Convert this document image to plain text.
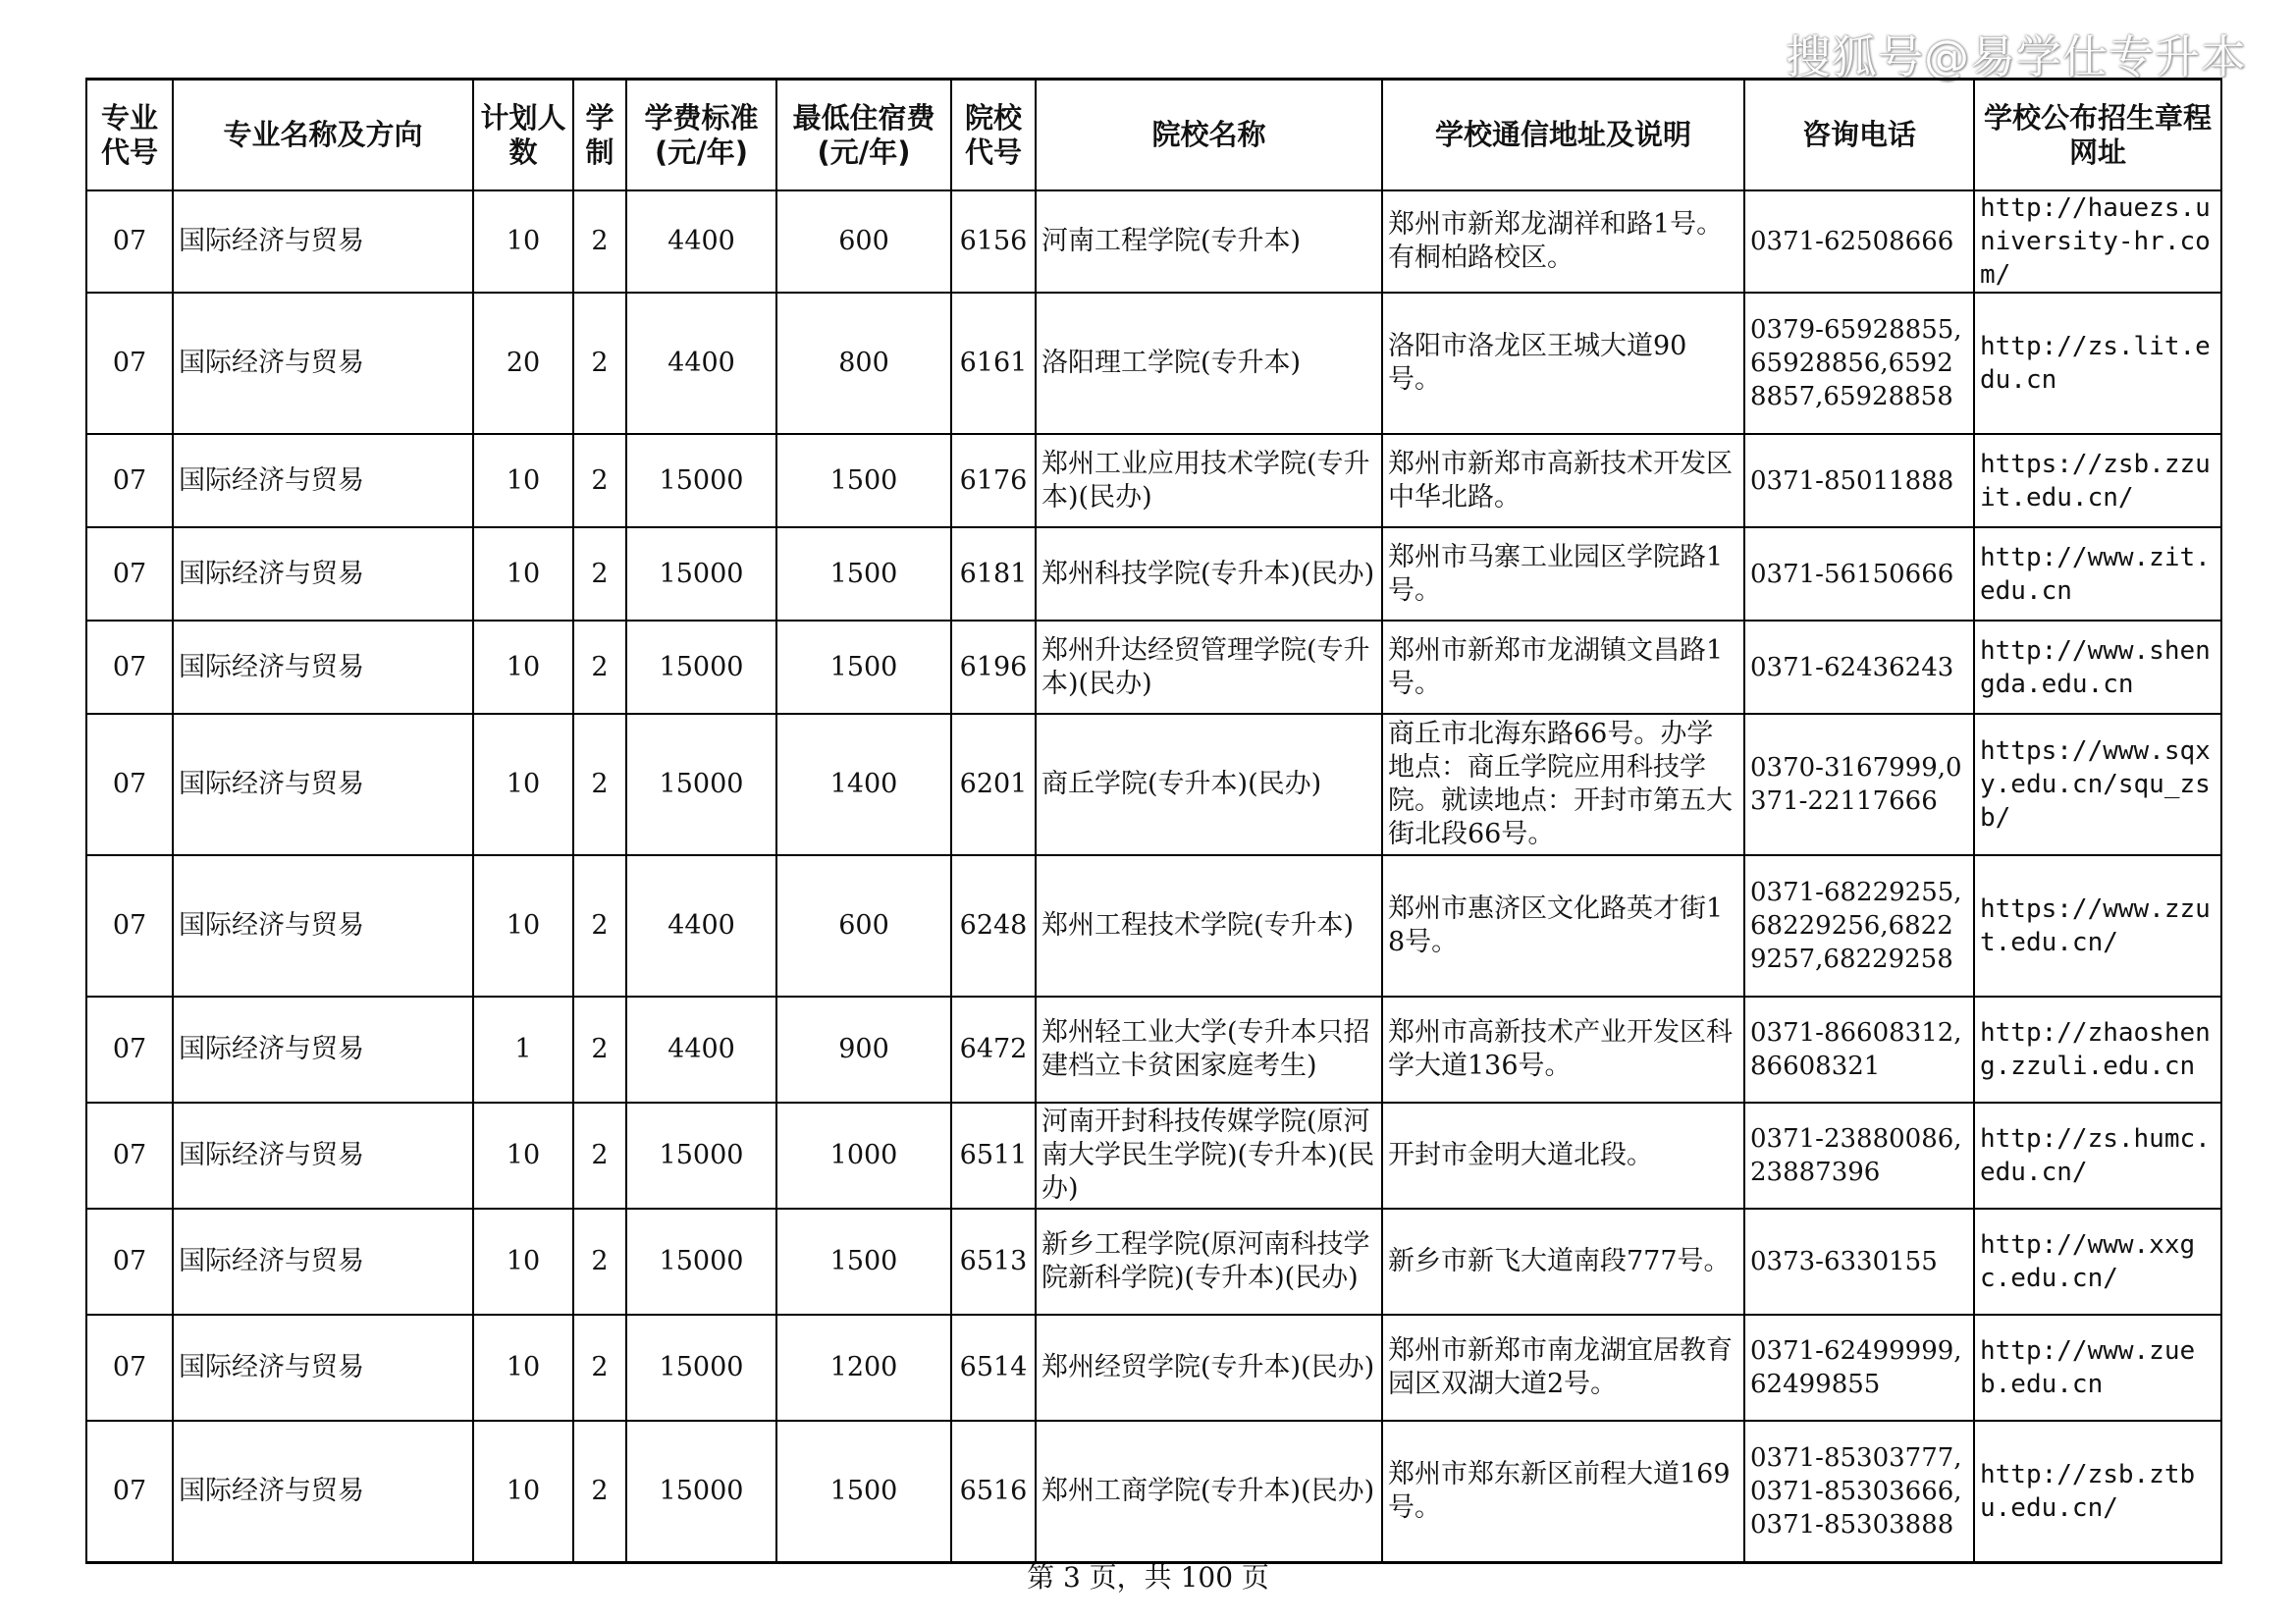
搜狐号@易学仕专升本
专业代号	专业名称及方向	计划人数	学制	学费标准(元/年)	最低住宿费(元/年)	院校代号	院校名称	学校通信地址及说明	咨询电话	学校公布招生章程网址
07	国际经济与贸易	10	2	4400	600	6156	河南工程学院(专升本)	郑州市新郑龙湖祥和路1号。有桐柏路校区。	0371-62508666	http://hauezs.university-hr.com/
07	国际经济与贸易	20	2	4400	800	6161	洛阳理工学院(专升本)	洛阳市洛龙区王城大道90号。	0379-65928855,65928856,65928857,65928858	http://zs.lit.edu.cn
07	国际经济与贸易	10	2	15000	1500	6176	郑州工业应用技术学院(专升本)(民办)	郑州市新郑市高新技术开发区中华北路。	0371-85011888	https://zsb.zzuit.edu.cn/
07	国际经济与贸易	10	2	15000	1500	6181	郑州科技学院(专升本)(民办)	郑州市马寨工业园区学院路1号。	0371-56150666	http://www.zit.edu.cn
07	国际经济与贸易	10	2	15000	1500	6196	郑州升达经贸管理学院(专升本)(民办)	郑州市新郑市龙湖镇文昌路1号。	0371-62436243	http://www.shengda.edu.cn
07	国际经济与贸易	10	2	15000	1400	6201	商丘学院(专升本)(民办)	商丘市北海东路66号。办学地点：商丘学院应用科技学院。就读地点：开封市第五大街北段66号。	0370-3167999,0371-22117666	https://www.sqxy.edu.cn/squ_zsb/
07	国际经济与贸易	10	2	4400	600	6248	郑州工程技术学院(专升本)	郑州市惠济区文化路英才街18号。	0371-68229255,68229256,68229257,68229258	https://www.zzut.edu.cn/
07	国际经济与贸易	1	2	4400	900	6472	郑州轻工业大学(专升本只招建档立卡贫困家庭考生)	郑州市高新技术产业开发区科学大道136号。	0371-86608312,86608321	http://zhaosheng.zzuli.edu.cn
07	国际经济与贸易	10	2	15000	1000	6511	河南开封科技传媒学院(原河南大学民生学院)(专升本)(民办)	开封市金明大道北段。	0371-23880086,23887396	http://zs.humc.edu.cn/
07	国际经济与贸易	10	2	15000	1500	6513	新乡工程学院(原河南科技学院新科学院)(专升本)(民办)	新乡市新飞大道南段777号。	0373-6330155	http://www.xxgc.edu.cn/
07	国际经济与贸易	10	2	15000	1200	6514	郑州经贸学院(专升本)(民办)	郑州市新郑市南龙湖宜居教育园区双湖大道2号。	0371-62499999,62499855	http://www.zueb.edu.cn
07	国际经济与贸易	10	2	15000	1500	6516	郑州工商学院(专升本)(民办)	郑州市郑东新区前程大道169号。	0371-85303777,0371-85303666,0371-85303888	http://zsb.ztbu.edu.cn/
第 3 页，共 100 页
